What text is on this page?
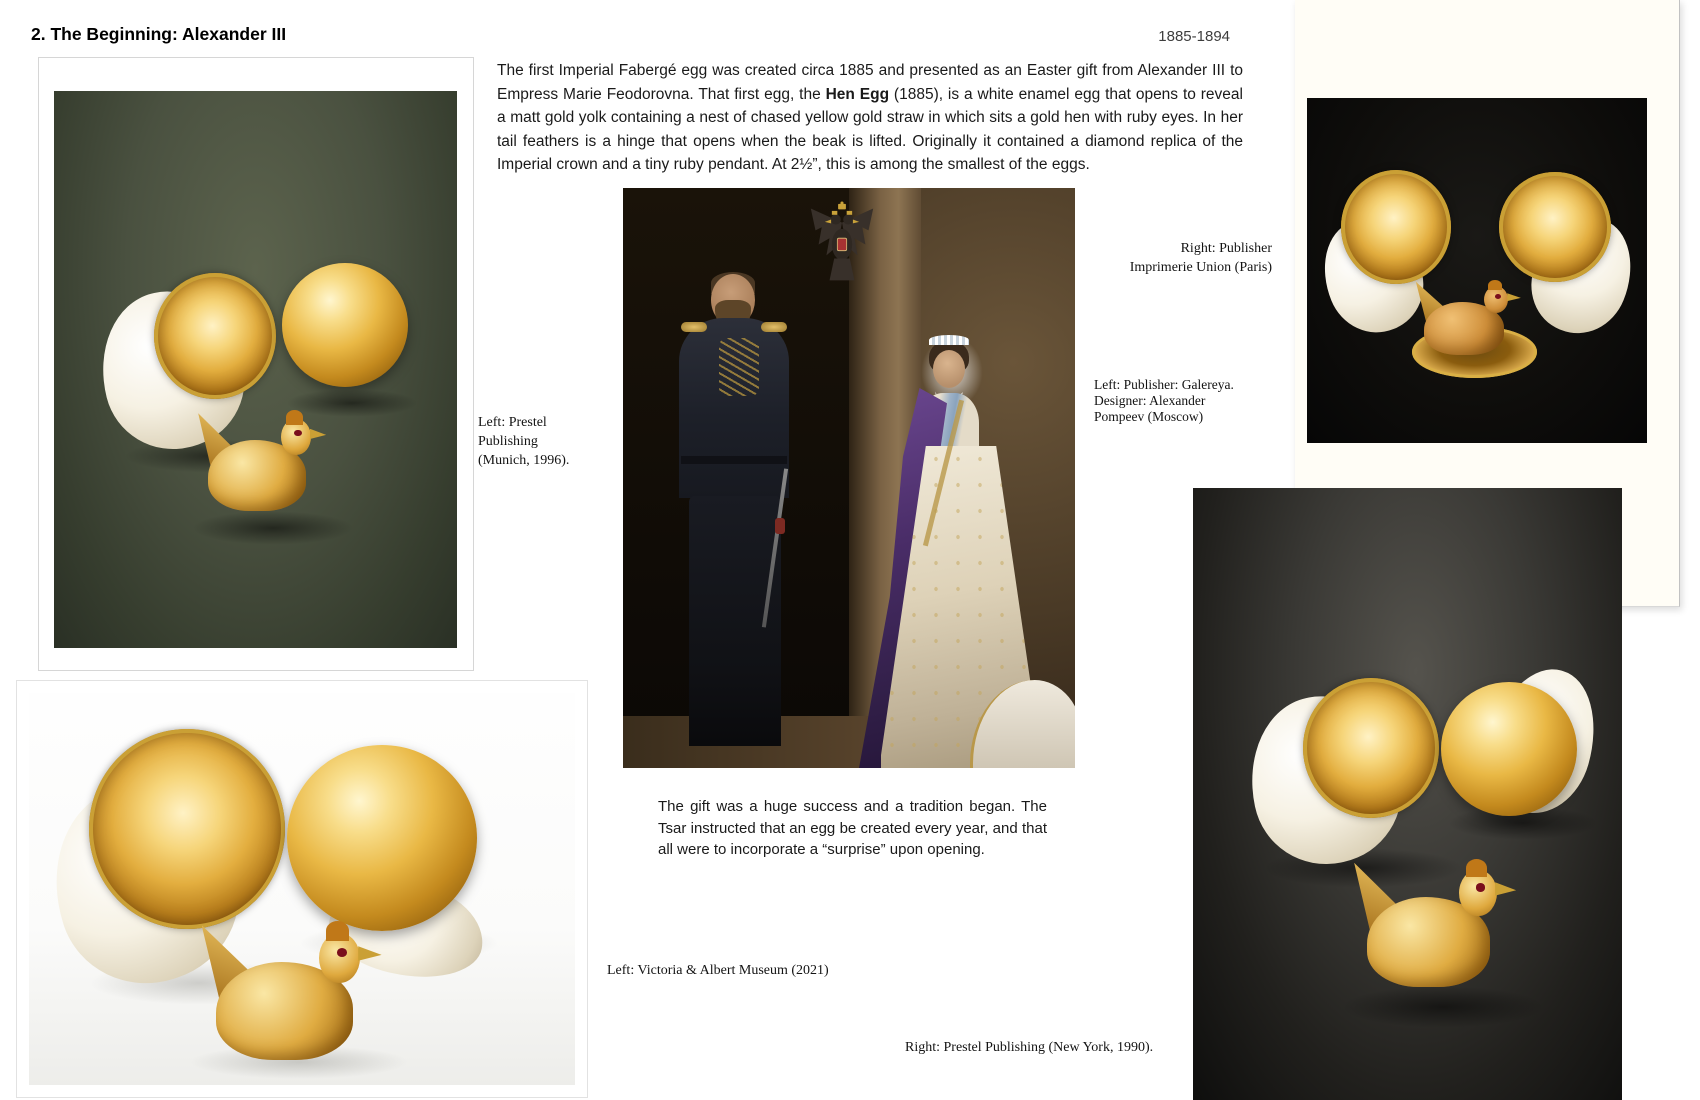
2. The Beginning: Alexander III	1885-1894
The first Imperial Fabergé egg was created circa 1885 and presented as an Easter gift from Alexander III to Empress Marie Feodorovna. That first egg, the Hen Egg (1885), is a white enamel egg that opens to reveal a matt gold yolk containing a nest of chased yellow gold straw in which sits a gold hen with ruby eyes. In her tail feathers is a hinge that opens when the beak is lifted. Originally it contained a diamond replica of the Imperial crown and a tiny ruby pendant. At 2½”, this is among the smallest of the eggs.
Left: Prestel
Publishing
(Munich, 1996).
Right: Publisher
Imprimerie Union (Paris)
Left: Publisher: Galereya.
Designer: Alexander
Pompeev (Moscow)
The gift was a huge success and a tradition began. The Tsar instructed that an egg be created every year, and that all were to incorporate a “surprise” upon opening.
Left: Victoria & Albert Museum (2021)
Right: Prestel Publishing (New York, 1990).
